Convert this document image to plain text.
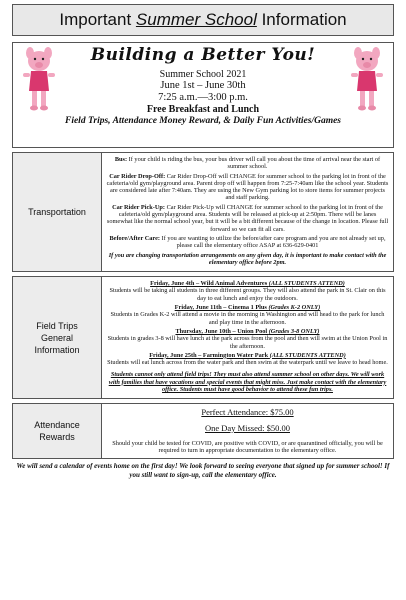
Important Summer School Information
Building a Better You!
Summer School 2021
June 1st – June 30th
7:25 a.m.—3:00 p.m.
Free Breakfast and Lunch
Field Trips, Attendance Money Reward, & Daily Fun Activities/Games
Transportation	

Bus: If your child is riding the bus, your bus driver will call you about the time of arrival near the start of summer school.

Car Rider Drop-Off: Car Rider Drop-Off will CHANGE for summer school to the parking lot in front of the cafeteria/old gym/playground area. Parent drop off will happen from 7:25-7:40am like the school year. Students are considered late after 7:40am. They are using the New Gym parking lot to store items for summer projects and staff parking.

Car Rider Pick-Up: Car Rider Pick-Up will CHANGE for summer school to the parking lot in front of the cafeteria/old gym/playground area. Students will be released at pick-up at 2:50pm. There will be lanes somewhat like the normal school year, but it will be a bit different because of the change in location. Please full forward so we can fit all cars.

Before/After Care: If you are wanting to utilize the before/after care program and you are not already set up, please call the elementary office ASAP at 636-629-0401

If you are changing transportation arrangements on any given day, it is important to make contact with the elementary office before 2pm.

Field Trips
General
Information	

Friday, June 4th – Wild Animal Adventures (ALL STUDENTS ATTEND)
Students will be taking all students in three different groups. They will also attend the park in St. Clair on this day to eat lunch and enjoy the outdoors.

Friday, June 11th – Cinema 1 Plus (Grades K-2 ONLY)
Students in Grades K-2 will attend a movie in the morning in Washington and will head to the park for lunch and play time in the afternoon.

Thursday, June 10th – Union Pool (Grades 3-8 ONLY)
Students in grades 3-8 will have lunch at the park across from the pool and then will swim at the Union Pool in the afternoon.

Friday, June 25th – Farmington Water Park (ALL STUDENTS ATTEND)
Students will eat lunch across from the water park and then swim at the waterpark until we leave to head home.

Students cannot only attend field trips! They must also attend summer school on other days. We will work with families that have vacations and special events that might miss. Just make contact with the elementary office. Students must have good behavior to attend these fun trips.

Attendance
Rewards	
Perfect Attendance: $75.00
One Day Missed: $50.00
Should your child be tested for COVID, are positive with COVID, or are quarantined officially, you will be required to turn in appropriate documentation to the elementary office.
We will send a calendar of events home on the first day! We look forward to seeing everyone that signed up for summer school! If you still want to sign-up, call the elementary office.
